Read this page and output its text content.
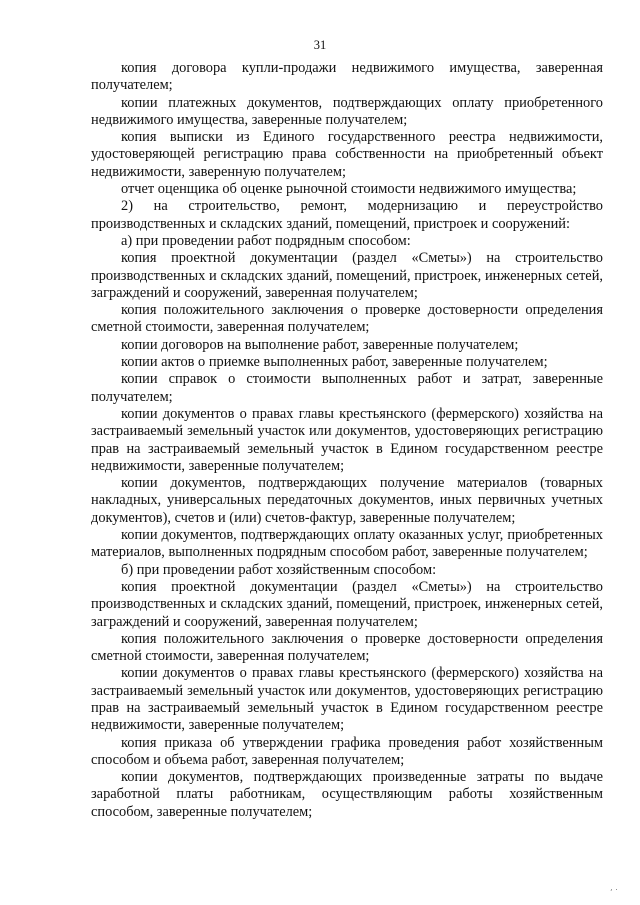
31
‚ .

копия договора купли-продажи недвижимого имущества, заверенная получателем;

копии платежных документов, подтверждающих оплату приобретенного недвижимого имущества, заверенные получателем;

копия выписки из Единого государственного реестра недвижимости, удостоверяющей регистрацию права собственности на приобретенный объект недвижимости, заверенную получателем;

отчет оценщика об оценке рыночной стоимости недвижимого имущества;

2) на строительство, ремонт, модернизацию и переустройство производственных и складских зданий, помещений, пристроек и сооружений:

а) при проведении работ подрядным способом:

копия проектной документации (раздел «Сметы») на строительство производственных и складских зданий, помещений, пристроек, инженерных сетей, заграждений и сооружений, заверенная получателем;

копия положительного заключения о проверке достоверности определения сметной стоимости, заверенная получателем;

копии договоров на выполнение работ, заверенные получателем;

копии актов о приемке выполненных работ, заверенные получателем;

копии справок о стоимости выполненных работ и затрат, заверенные получателем;

копии документов о правах главы крестьянского (фермерского) хозяйства на застраиваемый земельный участок или документов, удостоверяющих регистрацию прав на застраиваемый земельный участок в Едином государственном реестре недвижимости, заверенные получателем;

копии документов, подтверждающих получение материалов (товарных накладных, универсальных передаточных документов, иных первичных учетных документов), счетов и (или) счетов-фактур, заверенные получателем;

копии документов, подтверждающих оплату оказанных услуг, приобретенных материалов, выполненных подрядным способом работ, заверенные получателем;

б) при проведении работ хозяйственным способом:

копия проектной документации (раздел «Сметы») на строительство производственных и складских зданий, помещений, пристроек, инженерных сетей, заграждений и сооружений, заверенная получателем;

копия положительного заключения о проверке достоверности определения сметной стоимости, заверенная получателем;

копии документов о правах главы крестьянского (фермерского) хозяйства на застраиваемый земельный участок или документов, удостоверяющих регистрацию прав на застраиваемый земельный участок в Едином государственном реестре недвижимости, заверенные получателем;

копия приказа об утверждении графика проведения работ хозяйственным способом и объема работ, заверенная получателем;

копии документов, подтверждающих произведенные затраты по выдаче заработной платы работникам, осуществляющим работы хозяйственным способом, заверенные получателем;
